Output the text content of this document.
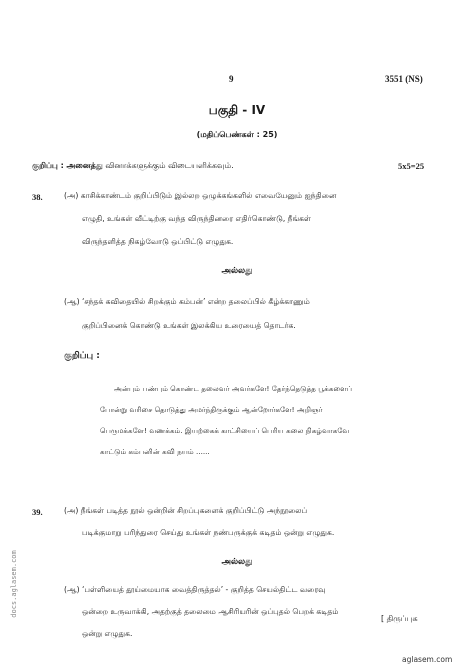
9	3551 (NS)
பகுதி - IV
(மதிப்பெண்கள் : 25)
குறிப்பு : அனைத்து வினாக்களுக்கும் விடையளிக்கவும்.	5x5=25
38.	(அ) காசிக்காண்டம் குறிப்பிடும் இல்லற ஒழுக்கங்களில் எவையேனும் ஐந்தினை
எழுதி, உங்கள் வீட்டிற்கு வந்த விருந்தினரை எதிர்கொண்டு, நீங்கள்
விருந்தளித்த நிகழ்வோடு ஒப்பிட்டு எழுதுக.
அல்லது
(ஆ) ‘சந்தக் கவிதையில் சிறக்கும் கம்பன்’ என்ற தலைப்பில் கீழ்க்காணும்
குறிப்பினைக் கொண்டு உங்கள் இலக்கிய உரையைத் தொடர்க.
குறிப்பு :
அன்பும் பண்பும் கொண்ட தலைவர் அவர்களே! தேர்ந்தெடுத்த பூக்களைப்
போன்று வரிசை தொடுத்து அமர்ந்திருக்கும் ஆன்றோர்களே! அறிஞர்
பெருமக்களே! வணக்கம். இயற்கைக் காட்சியைப் பெரிய கலை நிகழ்வாகவே
காட்டும் கம்பனின் கவி நயம் ......
39.	(அ) நீங்கள் படித்த நூல் ஒன்றின் சிறப்புகளைக் குறிப்பிட்டு அந்நூலைப்
படிக்குமாறு பரிந்துரை செய்து உங்கள் நண்பருக்குக் கடிதம் ஒன்று எழுதுக.
அல்லது
(ஆ) ‘பள்ளியைத் தூய்மையாக வைத்திருத்தல்’ - குறித்த செயல்திட்ட வரைவு
ஒன்றை உருவாக்கி, அதற்குத் தலைமை ஆசிரியரின் ஒப்புதல் பெறக் கடிதம்
ஒன்று எழுதுக.
[ திருப்புக
aglasem.com
docs.aglasem.com
